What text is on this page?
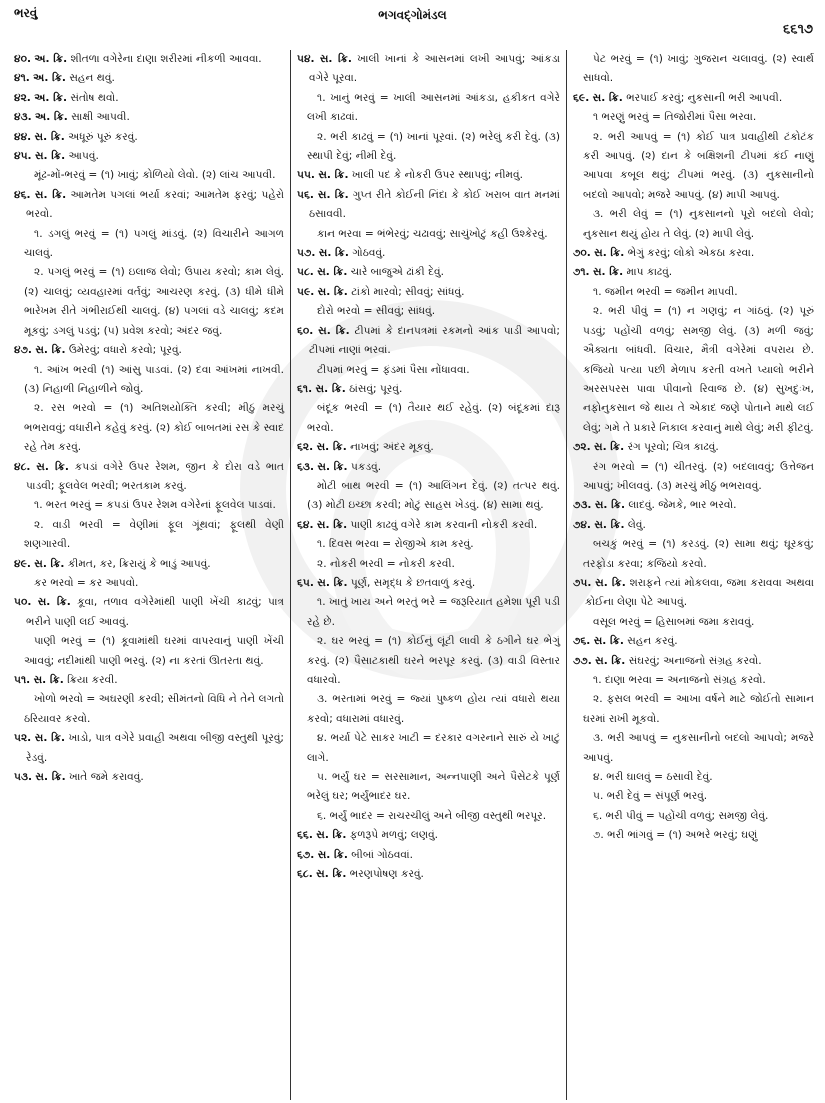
ભરવું	ભગવદ્ગોમંડલ
૬૬૧૭

૪૦. અ. ક્રિ. શીતળા વગેરેના દાણા શરીરમાં નીકળી આવવા.

૪૧. અ. ક્રિ. સહન થવું.

૪૨. અ. ક્રિ. સંતોષ થવો.

૪૩. અ. ક્રિ. સાક્ષી આપવી.

૪૪. સ. ક્રિ. અધૂરું પૂરું કરવું.

૪૫. સ. ક્રિ. આપવું.

મૂંઢ-મોં-ભરવું = (૧) ખાવું; કોળિયો લેવો. (૨) લાંચ આપવી.

૪૬. સ. ક્રિ. આમતેમ પગલાં ભર્યા કરવાં; આમતેમ ફરવું; પહેરો ભરવો.

૧. ડગલું ભરવું = (૧) પગલું માંડવું. (૨) વિચારીને આગળ ચાલવું.

૨. પગલું ભરવું = (૧) ઇલાજ લેવો; ઉપાય કરવો; કામ લેવું. (૨) ચાલવું; વ્યવહારમાં વર્તવું; આચરણ કરવું. (૩) ધીમે ધીમે ભારેખમ રીતે ગંભીરાઈથી ચાલવું. (૪) પગલાં વડે ચાલવું; કદમ મૂકવું; ડગલું પડવું; (૫) પ્રવેશ કરવો; અંદર જવું.

૪૭. સ. ક્રિ. ઉમેરવું; વધારો કરવો; પૂરવું.

૧. આંખ ભરવી (૧) આંસુ પાડવાં. (૨) દવા આંખમાં નાખવી. (૩) નિહાળી નિહાળીને જોવું.

૨. રસ ભરવો = (૧) અતિશયોક્તિ કરવી; મીઠું મરચું ભભરાવવું; વધારીને કહેવું કરવું. (૨) કોઈ બાબતમાં રસ કે સ્વાદ રહે તેમ કરવું.

૪૮. સ. ક્રિ. કપડાં વગેરે ઉપર રેશમ, જીન કે દોરા વડે ભાત પાડવી; ફૂલવેલ ભરવી; ભરતકામ કરવું.

૧. ભરત ભરવું = કપડાં ઉપર રેશમ વગેરેનાં ફૂલવેલ પાડવાં.

૨. વાડી ભરવી = વેણીમાં ફૂલ ગૂંથવાં; ફૂલથી વેણી શણગારવી.

૪૯. સ. ક્રિ. કીમત, કર, ક્રિરાયું કે ભાડું આપવું.

કર ભરવો = કર આપવો.

૫૦. સ. ક્રિ. કૂવા, તળાવ વગેરેમાંથી પાણી ખેંચી કાઢવું; પાત્ર ભરીને પાણી લઈ આવવું.

પાણી ભરવું = (૧) કૂવામાંથી ઘરમાં વાપરવાનું પાણી ખેંચી આવવું; નદીમાંથી પાણી ભરવું. (૨) ના કરતાં ઊતરતા થવું.

૫૧. સ. ક્રિ. ક્રિયા કરવી.

ખોળો ભરવો = અઘરણી કરવી; સીમંતનો વિધિ ને તેને લગતો ઠરિયાવર કરવો.

૫૨. સ. ક્રિ. ખાડો, પાત્ર વગેરે પ્રવાહી અથવા બીજી વસ્તુથી પૂરવું; રેડવું.

૫૩. સ. ક્રિ. ખાતે જમે કરાવવું.

૫૪. સ. ક્રિ. ખાલી ખાનાં કે આસનમાં લખી આપવું; આંકડા વગેરે પૂરવા.

૧. ખાનું ભરવું = ખાલી આસનમાં આંકડા, હકીકત વગેરે લખી કાઢવાં.

૨. ભરી કાઢવું = (૧) ખાનાં પૂરવાં. (૨) ભરેલું કરી દેવું. (૩) સ્થાપી દેવું; નીમી દેવું.

૫૫. સ. ક્રિ. ખાલી પદ કે નોકરી ઉપર સ્થાપવું; નીમવું.

૫૬. સ. ક્રિ. ગુપ્ત રીતે કોઈની નિંદા કે કોઈ ખરાબ વાત મનમાં ઠસાવવી.

કાન ભરવા = ભંભેરવું; ચઢાવવું; સાચુંખોટું કહી ઉશ્કેરવું.

૫૭. સ. ક્રિ. ગોઠવવું.

૫૮. સ. ક્રિ. ચારે બાજુએ ઢાંકી દેવું.

૫૯. સ. ક્રિ. ટાંકો મારવો; સીવવું; સાંધવું.

દોરો ભરવો = સીવવું; સાંધવું.

૬૦. સ. ક્રિ. ટીપમાં કે દાનપત્રમાં રકમનો આંક પાડી આપવો; ટીપમાં નાણાં ભરવાં.

ટીપમાં ભરવું = ફંડમાં પૈસા નોંધાવવા.

૬૧. સ. ક્રિ. ઠાંસવું; પૂરવું.

બંદૂક ભરવી = (૧) તૈયાર થઈ રહેવું. (૨) બંદૂકમાં દારૂ ભરવો.

૬૨. સ. ક્રિ. નાખવું; અંદર મૂકવું.

૬૩. સ. ક્રિ. પકડવું.

મોટી બાથ ભરવી = (૧) આલિંગન દેવું. (૨) તત્પર થવું. (૩) મોટી ઇચ્છા કરવી; મોટું સાહસ ખેડવું. (૪) સામા થવું.

૬૪. સ. ક્રિ. પાણી કાઢવું વગેરે કામ કરવાની નોકરી કરવી.

૧. દિવસ ભરવા = રોજીએ કામ કરવું.

૨. નોકરી ભરવી = નોકરી કરવી.

૬૫. સ. ક્રિ. પૂર્ણ, સમૃદ્ધ કે છતવાળું કરવું.

૧. ખાતું ખાય અને ભરતું ભરે = જરૂરિયાત હમેશા પૂરી પડી રહે છે.

૨. ઘર ભરવું = (૧) કોઈનું લૂંટી લાવી કે ઠગીને ઘર ભેગું કરવું. (૨) પૈસાટકાથી ઘરને ભરપૂર કરવું. (૩) વાડી વિસ્તાર વધારવો.

૩. ભરતામાં ભરવું = જ્યાં પુષ્કળ હોય ત્યાં વધારો થયા કરવો; વધારામાં વધારવું.

૪. ભર્યા પેટે સાકર ખાટી = દરકાર વગરનાને સારું યે ખાટું લાગે.

૫. ભર્યું ઘર = સરસામાન, અન્નપાણી અને પૈસેટકે પૂર્ણ ભરેલું ઘર; ભર્યુંભાદર ઘર.

૬. ભર્યું ભાદર = રાચરચીલું અને બીજી વસ્તુથી ભરપૂર.

૬૬. સ. ક્રિ. ફળરૂપે મળવું; લણવું.

૬૭. સ. ક્રિ. બીબાં ગોઠવવાં.

૬૮. સ. ક્રિ. ભરણપોષણ કરવું.

પેટ ભરવું = (૧) ખાવું; ગુજરાન ચલાવવું. (૨) સ્વાર્થ સાધવો.

૬૯. સ. ક્રિ. ભરપાઈ કરવું; નુકસાની ભરી આપવી.

૧ ભરણું ભરવું = તિજોરીમાં પૈસા ભરવા.

૨. ભરી આપવું = (૧) કોઈ પાત્ર પ્રવાહીથી ટંકોટંક કરી આપવું. (૨) દાન કે બક્ષિશની ટીપમાં કંઈ નાણું આપવા કબૂલ થવું; ટીપમાં ભરવું. (૩) નુકસાનીનો બદલો આપવો; મજરે આપવું. (૪) માપી આપવું.

૩. ભરી લેવું = (૧) નુકસાનનો પૂરો બદલો લેવો; નુકસાન થયું હોય તે લેવું. (૨) માપી લેવું.

૭૦. સ. ક્રિ. ભેગું કરવું; લોકો એકઠા કરવા.

૭૧. સ. ક્રિ. માપ કાઢવું.

૧. જમીન ભરવી = જમીન માપવી.

૨. ભરી પીવું = (૧) ન ગણવું; ન ગાંઠવું. (૨) પૂરું પડવું; પહોંચી વળવું; સમજી લેવું. (૩) મળી જવું; ઐક્યતા બાંધવી. વિચાર, મૈત્રી વગેરેમાં વપરાય છે. કજિયો પત્યા પછી મેળાપ કરતી વખતે પ્યાલો ભરીને અરસપરસ પાવા પીવાનો રિવાજ છે. (૪) સુખદુઃખ, નફોનુકસાન જે થાય તે એકાદ જણે પોતાને માથે લઈ લેવું; ગમે તે પ્રકારે નિકાલ કરવાનું માથે લેવું; મરી ફીટવું.

૭૨. સ. ક્રિ. રંગ પૂરવો; ચિત્ર કાઢવું.

રંગ ભરવો = (૧) ચીતરવું. (૨) બદલાવવું; ઉત્તેજન આપવું; ખીલવવું. (૩) મરચું મીઠું ભભરાવવું.

૭૩. સ. ક્રિ. લાદવું. જેમકે, ભાર ભરવો.

૭૪. સ. ક્રિ. લેવું.

બચકું ભરવું = (૧) કરડવું. (૨) સામા થવું; ઘૂરકવું; તરફોડા કરવા; કજિયો કરવો.

૭૫. સ. ક્રિ. શરાફને ત્યાં મોકલવા, જમા કરાવવા અથવા કોઈના લેણા પેટે આપવું.

વસૂલ ભરવું = હિસાબમાં જમા કરાવવું.

૭૬. સ. ક્રિ. સહન કરવું.

૭૭. સ. ક્રિ. સંઘરવું; અનાજનો સંગ્રહ કરવો.

૧. દાણા ભરવા = અનાજનો સંગ્રહ કરવો.

૨. ફસલ ભરવી = આખા વર્ષને માટે જોઈતો સામાન ઘરમાં રાખી મૂકવો.

૩. ભરી આપવું = નુકસાનીનો બદલો આપવો; મજરે આપવું.

૪. ભરી ઘાલવું = ઠસાવી દેવું.

૫. ભરી દેવું = સંપૂર્ણ ભરવું.

૬. ભરી પીવું = પહોંચી વળવું; સમજી લેવું.

૭. ભરી ભાંગવું = (૧) અભરે ભરવું; ઘણું
